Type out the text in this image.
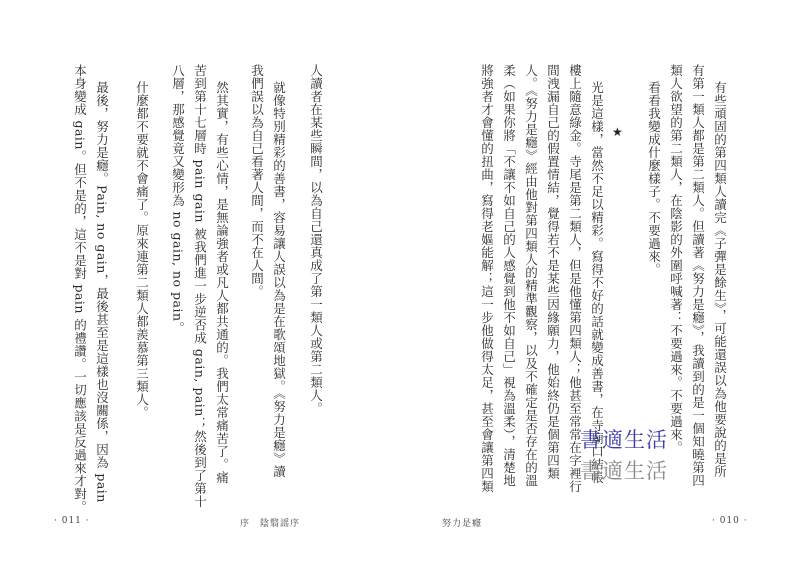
人讀者在某些瞬間，以為自己還真成了第一類人或第二類人。
就像特別精彩的善書，容易讓人誤以為是在歌頌地獄。《努力是癮》讀
我們誤以為自己看著人間，而不在人間。
然其實，有些心情，是無論強者或凡人都共通的。我們太常痛苦了。痛
苦到第十七層時 pain gain 被我們進一步逆否成 gain, pain；然後到了第十
八層，那感覺竟又變形為 no gain, no pain。
什麼都不要就不會痛了。原來連第二類人都羨慕第三類人。
最後，努力是癮。Pain, no gain，最後甚至是這樣也沒關係，因為 pain
本身變成 gain。但不是的，這不是對 pain 的禮讚。一切應該是反過來才對。
· 011 ·	序　陰翳謡序
有些頑固的第四類人讀完《子彈是餘生》，可能還誤以為他要說的是所
有第一類人都是第二類人。但讀著《努力是癮》，我讀到的是一個知曉第四
類人欲望的第二類人，在陰影的外圍呼喊著：不要過來。不要過來。
看看我變成什麼樣子。不要過來。
★
光是這樣，當然不足以精彩。寫得不好的話就變成善書，在寺廟口結帳
樓上隨意綠金。寺尾是第二類人，但是他懂第四類人；他甚至常常在字裡行
間洩漏自己的假置情結，覺得若不是某些因緣願力，他始終仍是個第四類
人。《努力是癮》經由他對第四類人的精準觀察，以及不確定是否存在的溫
柔（如果你將「不讓不如自己的人感覺到他不如自己」視為溫柔），清楚地
將強者才會懂的扭曲，寫得老嫗能解；這一步他做得太足，甚至會讓第四類	書適生活
書適生活
努力是癮	· 010 ·
